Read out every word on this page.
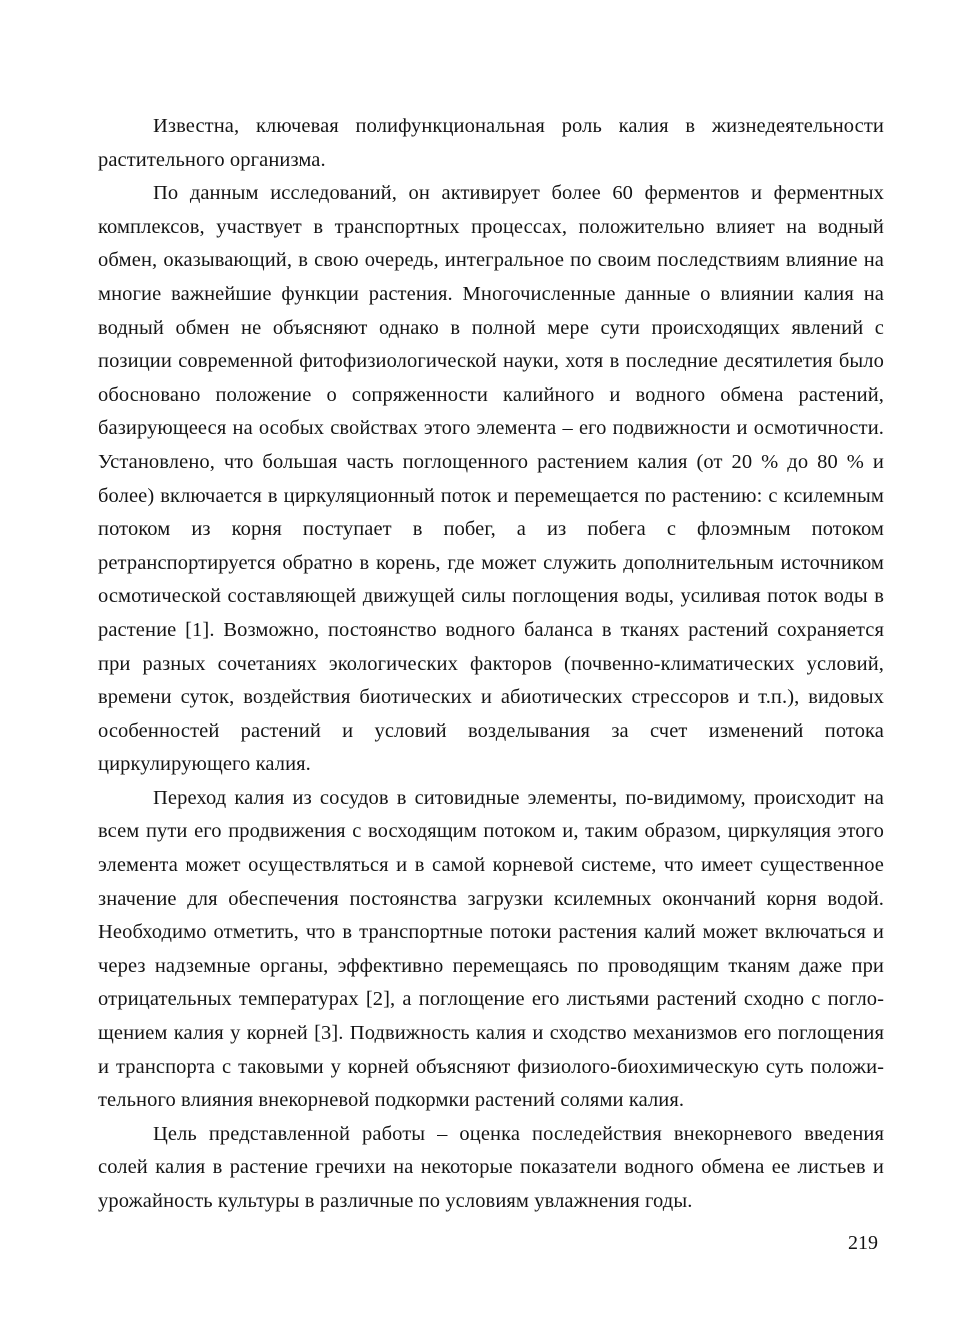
Известна, ключевая полифункциональная роль калия в жизнедеятельности растительного организма.

По данным исследований, он активирует более 60 ферментов и ферментных комплексов, участвует в транспортных процессах, положительно влияет на водный обмен, оказывающий, в свою очередь, интегральное по своим последствиям влияние на многие важнейшие функции растения. Многочисленные данные о влиянии калия на водный обмен не объясняют однако в полной мере сути происходящих явлений с позиции современной фитофизиологической науки, хотя в последние десятилетия было обосновано положение о сопряженности калийного и водного обмена растений, базирующееся на особых свойствах этого элемента – его подвижности и осмотичности. Установлено, что большая часть поглощенного растением калия (от 20 % до 80 % и более) включается в циркуляционный поток и перемещается по растению: с ксилемным потоком из корня поступает в побег, а из побега с флоэмным потоком ретранспортируется обратно в корень, где может служить дополнительным источником осмотической составляющей движущей силы поглощения воды, усиливая поток воды в растение [1]. Возможно, постоянство водного баланса в тканях растений сохраняется при разных сочетаниях экологических факторов (почвенно-климатических условий, времени суток, воздействия биотических и абиотических стрессоров и т.п.), видовых особенностей растений и условий возделывания за счет изменений потока циркулирующего калия.

Переход калия из сосудов в ситовидные элементы, по-видимому, происходит на всем пути его продвижения с восходящим потоком и, таким образом, циркуляция этого элемента может осуществляться и в самой корневой системе, что имеет существенное значение для обеспечения постоянства загрузки ксилемных окончаний корня водой. Необходимо отметить, что в транспортные потоки растения калий может включаться и через надземные органы, эффективно перемещаясь по проводящим тканям даже при отрицательных температурах [2], а поглощение его листьями растений сходно с поглощением калия у корней [3]. Подвижность калия и сходство механизмов его поглощения и транспорта с таковыми у корней объясняют физиолого-биохимическую суть положительного влияния внекорневой подкормки растений солями калия.

Цель представленной работы – оценка последействия внекорневого введения солей калия в растение гречихи на некоторые показатели водного обмена ее листьев и урожайность культуры в различные по условиям увлажнения годы.

219
